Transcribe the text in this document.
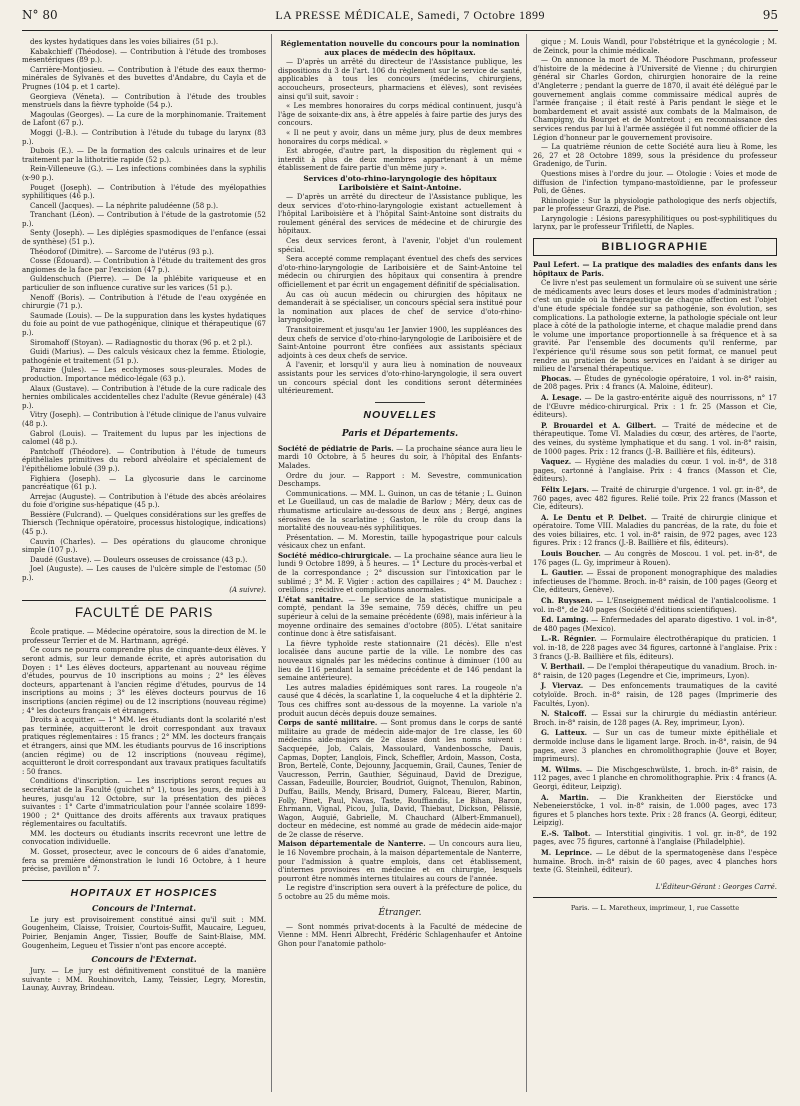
N° 80	LA PRESSE MÉDICALE, Samedi, 7 Octobre 1899	95

des kystes hydatiques dans les voies biliaires (51 p.).

Kabakchieff (Théodose). — Contribution à l'étude des tromboses mésentériques (89 p.).

Carrière-Montjosieu. — Contribution à l'étude des eaux thermo-minérales de Sylvanès et des buvettes d'Andabre, du Cayla et de Prugnes (104 p. et 1 carte).

Georgieva (Véneta). — Contribution à l'étude des troubles menstruels dans la fièvre typhoïde (54 p.).

Magoulas (Georges). — La cure de la morphinomanie. Traitement de Lafont (67 p.).

Moggi (J.-B.). — Contribution à l'étude du tubage du larynx (83 p.).

Dubois (E.). — De la formation des calculs urinaires et de leur traitement par la lithotritie rapide (52 p.).

Rein-Villeneuve (G.). — Les infections combinées dans la syphilis (x-90 p.).

Pouget (Joseph). — Contribution à l'étude des myélopathies syphilitiques (46 p.).

Cancell (Jacques). — La néphrite paludéenne (58 p.).

Tranchant (Léon). — Contribution à l'étude de la gastrotomie (52 p.).

Senty (Joseph). — Les diplégies spasmodiques de l'enfance (essai de synthèse) (51 p.).

Théodorof (Dimitre). — Sarcome de l'utérus (93 p.).

Cosse (Édouard). — Contribution à l'étude du traitement des gros angiomes de la face par l'excision (47 p.).

Guldenschuch (Pierre). — De la phlébite variqueuse et en particulier de son influence curative sur les varices (51 p.).

Nenoff (Boris). — Contribution à l'étude de l'eau oxygénée en chirurgie (71 p.).

Saumade (Louis). — De la suppuration dans les kystes hydatiques du foie au point de vue pathogénique, clinique et thérapeutique (67 p.).

Siromahoff (Stoyan). — Radiagnostic du thorax (96 p. et 2 pl.).

Guidi (Marius). — Des calculs vésicaux chez la femme. Étiologie, pathogénie et traitement (51 p.).

Paraire (Jules). — Les ecchymoses sous-pleurales. Modes de production. Importance médico-légale (63 p.).

Alaux (Gustave). — Contribution à l'étude de la cure radicale des hernies ombilicales accidentelles chez l'adulte (Revue générale) (43 p.).

Vitry (Joseph). — Contribution à l'étude clinique de l'anus vulvaire (48 p.).

Gabrol (Louis). — Traitement du lupus par les injections de calomel (48 p.).

Pantchoff (Théodore). — Contribution à l'étude de tumeurs épithéliales primitives du rebord alvéolaire et spécialement de l'épithéliome lobulé (39 p.).

Fighiera (Joseph). — La glycosurie dans le carcinome pancréatique (61 p.).

Arrejac (Auguste). — Contribution à l'étude des abcès aréolaires du foie d'origine sus-hépatique (45 p.).

Bessière (Fulcrand). — Quelques considérations sur les greffes de Thiersch (Technique opératoire, processus histologique, indications) (45 p.).

Cauvin (Charles). — Des opérations du glaucome chronique simple (107 p.).

Daudé (Gustave). — Douleurs osseuses de croissance (43 p.).

Joel (Auguste). — Les causes de l'ulcère simple de l'estomac (50 p.).

(A suivre).

FACULTÉ DE PARIS

École pratique. — Médecine opératoire, sous la direction de M. le professeur Terrier et de M. Hartmann, agrégé.

Ce cours ne pourra comprendre plus de cinquante-deux élèves. Y seront admis, sur leur demande écrite, et après autorisation du Doyen : 1° Les élèves docteurs, appartenant au nouveau régime d'études, pourvus de 10 inscriptions au moins ; 2° les élèves docteurs, appartenant à l'ancien régime d'études, pourvus de 14 inscriptions au moins ; 3° les élèves docteurs pourvus de 16 inscriptions (ancien régime) ou de 12 inscriptions (nouveau régime) ; 4° les docteurs français et étrangers.

Droits à acquitter. — 1° MM. les étudiants dont la scolarité n'est pas terminée, acquitteront le droit correspondant aux travaux pratiques réglementaires : 15 francs ; 2° MM. les docteurs français et étrangers, ainsi que MM. les étudiants pourvus de 16 inscriptions (ancien régime) ou de 12 inscriptions (nouveau régime), acquitteront le droit correspondant aux travaux pratiques facultatifs : 50 francs.

Conditions d'inscription. — Les inscriptions seront reçues au secrétariat de la Faculté (guichet n° 1), tous les jours, de midi à 3 heures, jusqu'au 12 Octobre, sur la présentation des pièces suivantes : 1° Carte d'immatriculation pour l'année scolaire 1899-1900 ; 2° Quittance des droits afférents aux travaux pratiques réglementaires ou facultatifs.

MM. les docteurs ou étudiants inscrits recevront une lettre de convocation individuelle.

M. Gosset, prosecteur, avec le concours de 6 aides d'anatomie, fera sa première démonstration le lundi 16 Octobre, à 1 heure précise, pavillon n° 7.

HOPITAUX ET HOSPICES
Concours de l'Internat.

Le jury est provisoirement constitué ainsi qu'il suit : MM. Gougenheim, Claisse, Troisier, Courtois-Suffit, Maucaire, Legueu, Poirier, Benjamin Anger, Tissier, Bouffe de Saint-Blaise, MM. Gougenheim, Legueu et Tissier n'ont pas encore accepté.

Concours de l'Externat.

Jury. — Le jury est définitivement constitué de la manière suivante : MM. Rouhinovitch, Lamy, Teissier, Legry, Morestin, Launay, Auvray, Brindeau.

Réglementation nouvelle du concours pour la nomination aux places de médecin des hôpitaux.

— D'après un arrêté du directeur de l'Assistance publique, les dispositions du 3 de l'art. 106 du règlement sur le service de santé, applicables à tous les concours (médecins, chirurgiens, accoucheurs, prosecteurs, pharmaciens et élèves), sont revisées ainsi qu'il suit, savoir :

« Les membres honoraires du corps médical continuent, jusqu'à l'âge de soixante-dix ans, à être appelés à faire partie des jurys des concours.

« Il ne peut y avoir, dans un même jury, plus de deux membres honoraires du corps médical. »

Est abrogée, d'autre part, la disposition du règlement qui « interdit à plus de deux membres appartenant à un même établissement de faire partie d'un même jury ».

Services d'oto-rhino-laryngologie des hôpitaux Lariboisière et Saint-Antoine.

— D'après un arrêté du directeur de l'Assistance publique, les deux services d'oto-rhino-laryngologie existant actuellement à l'hôpital Lariboisière et à l'hôpital Saint-Antoine sont distraits du roulement général des services de médecine et de chirurgie des hôpitaux.

Ces deux services feront, à l'avenir, l'objet d'un roulement spécial.

Sera accepté comme remplaçant éventuel des chefs des services d'oto-rhino-laryngologie de Lariboisière et de Saint-Antoine tel médecin ou chirurgien des hôpitaux qui consentira à prendre officiellement et par écrit un engagement définitif de spécialisation.

Au cas où aucun médecin ou chirurgien des hôpitaux ne demanderait à se spécialiser, un concours spécial sera institué pour la nomination aux places de chef de service d'oto-rhino-laryngologie.

Transitoirement et jusqu'au 1er Janvier 1900, les suppléances des deux chefs de service d'oto-rhino-laryngologie de Lariboisière et de Saint-Antoine pourront être confiées aux assistants spéciaux adjoints à ces deux chefs de service.

A l'avenir, et lorsqu'il y aura lieu à nomination de nouveaux assistants pour les services d'oto-rhino-laryngologie, il sera ouvert un concours spécial dont les conditions seront déterminées ultérieurement.

NOUVELLES
Paris et Départements.

Société de pédiatrie de Paris. — La prochaine séance aura lieu le mardi 10 Octobre, à 5 heures du soir, à l'hôpital des Enfants-Malades.

Ordre du jour. — Rapport : M. Sevestre, communication Deschamps.

Communications. — MM. L. Guinon, un cas de tétanie ; L. Guinon et Le Gueillaud, un cas de maladie de Barlow ; Méry, deux cas de rhumatisme articulaire au-dessous de deux ans ; Bergé, angines sérosives de la scarlatine ; Gaston, le rôle du croup dans la mortalité des nouveau-nés syphilitiques.

Présentation. — M. Morestin, taille hypogastrique pour calculs vésicaux chez un enfant.

Société médico-chirurgicale. — La prochaine séance aura lieu le lundi 9 Octobre 1899, à 5 heures. — 1° Lecture du procès-verbal et de la correspondance ; 2° discussion sur l'intoxication par le sublimé ; 3° M. F. Vigier : action des capillaires ; 4° M. Dauchez : oreillons ; récidive et complications anormales.

L'état sanitaire. — Le service de la statistique municipale a compté, pendant la 39e semaine, 759 décès, chiffre un peu supérieur à celui de la semaine précédente (698), mais inférieur à la moyenne ordinaire des semaines d'octobre (805). L'état sanitaire continue donc à être satisfaisant.

La fièvre typhoïde reste stationnaire (21 décès). Elle n'est localisée dans aucune partie de la ville. Le nombre des cas nouveaux signalés par les médecins continue à diminuer (100 au lieu de 116 pendant la semaine précédente et de 146 pendant la semaine antérieure).

Les autres maladies épidémiques sont rares. La rougeole n'a causé que 4 décès, la scarlatine 1, la coqueluche 4 et la diphtérie 2. Tous ces chiffres sont au-dessous de la moyenne. La variole n'a produit aucun décès depuis douze semaines.

Corps de santé militaire. — Sont promus dans le corps de santé militaire au grade de médecin aide-major de 1re classe, les 60 médecins aide-majors de 2e classe dont les noms suivent : Sacquepée, Job, Calais, Massoulard, Vandenbossche, Dauis, Capmas, Dopter, Langlois, Finck, Scheffler, Ardoin, Masson, Costa, Bron, Bertelé, Conte, Dejounny, Jacquemin, Grail, Caunes, Tenier de Vaucresson, Perrin, Gauthier, Séguinaud, David de Drezigue, Cassan, Fadeuille, Bourcier, Boudriot, Guignot, Thenulon, Rabinon, Duffau, Baills, Mendy, Brisard, Dumery, Falceau, Bierer, Martin, Folly, Pinet, Paul, Navas, Taste, Rouffiandis, Le Bihan, Baron, Ehrmann, Vignal, Picou, Julia, David, Thiebaut, Dickson, Pélissié, Wagon, Auguié, Gabrielle, M. Chauchard (Albert-Emmanuel), docteur en médecine, est nommé au grade de médecin aide-major de 2e classe de réserve.

Maison départementale de Nanterre. — Un concours aura lieu, le 16 Novembre prochain, à la maison départementale de Nanterre, pour l'admission à quatre emplois, dans cet établissement, d'internes provisoires en médecine et en chirurgie, lesquels pourront être nommés internes titulaires au cours de l'année.

Le registre d'inscription sera ouvert à la préfecture de police, du 5 octobre au 25 du même mois.

Étranger.

— Sont nommés privat-docents à la Faculté de médecine de Vienne : MM. Henri Albrecht, Frédéric Schlagenhaufer et Antoine Ghon pour l'anatomie patholo-

gique ; M. Louis Wandl, pour l'obstétrique et la gynécologie ; M. de Zeinck, pour la chimie médicale.

— On annonce la mort de M. Théodore Puschmann, professeur d'histoire de la médecine à l'Université de Vienne ; du chirurgien général sir Charles Gordon, chirurgien honoraire de la reine d'Angleterre ; pendant la guerre de 1870, il avait été délégué par le gouvernement anglais comme commissaire médical auprès de l'armée française ; il était resté à Paris pendant le siège et le bombardement et avait assisté aux combats de la Malmaison, de Champigny, du Bourget et de Montretout ; en reconnaissance des services rendus par lui à l'armée assiégée il fut nommé officier de la Légion d'honneur par le gouvernement provisoire.

— La quatrième réunion de cette Société aura lieu à Rome, les 26, 27 et 28 Octobre 1899, sous la présidence du professeur Gradenigo, de Turin.

Questions mises à l'ordre du jour. — Otologie : Voies et mode de diffusion de l'infection tympano-mastoïdienne, par le professeur Poli, de Gênes.

Rhinologie : Sur la physiologie pathologique des nerfs objectifs, par le professeur Grazzi, de Pise.

Laryngologie : Lésions paresyphilitiques ou post-syphilitiques du larynx, par le professeur Trifiletti, de Naples.

BIBLIOGRAPHIE

Paul Lefert. — La pratique des maladies des enfants dans les hôpitaux de Paris.

Ce livre n'est pas seulement un formulaire où se suivent une série de médicaments avec leurs doses et leurs modes d'administration ; c'est un guide où la thérapeutique de chaque affection est l'objet d'une étude spéciale fondée sur sa pathogénie, son évolution, ses complications. La pathologie externe, la pathologie spéciale ont leur place à côté de la pathologie interne, et chaque maladie prend dans le volume une importance proportionnelle à sa fréquence et à sa gravité. Par l'ensemble des documents qu'il renferme, par l'expérience qu'il résume sous son petit format, ce manuel peut rendre au praticien de bons services en l'aidant à se diriger au milieu de l'arsenal thérapeutique.

Phocas. — Études de gynécologie opératoire, 1 vol. in-8° raisin, de 208 pages. Prix : 4 francs (A. Maloine, éditeur).

A. Lesage. — De la gastro-entérite aiguë des nourrissons, n° 17 de l'Œuvre médico-chirurgical. Prix : 1 fr. 25 (Masson et Cie, éditeurs).

P. Brouardel et A. Gilbert. — Traité de médecine et de thérapeutique. Tome VI. Maladies du cœur, des artères, de l'aorte, des veines, du système lymphatique et du sang. 1 vol. in-8° raisin, de 1000 pages. Prix : 12 francs (J.-B. Baillière et fils, éditeurs).

Vaquez. — Hygiène des maladies du cœur. 1 vol. in-8°, de 318 pages, cartonné à l'anglaise. Prix : 4 francs (Masson et Cie, éditeurs).

Félix Lejars. — Traité de chirurgie d'urgence. 1 vol. gr. in-8°, de 760 pages, avec 482 figures. Relié toile. Prix 22 francs (Masson et Cie, éditeurs).

A. Le Dentu et P. Delbet. — Traité de chirurgie clinique et opératoire. Tome VIII. Maladies du pancréas, de la rate, du foie et des voies biliaires, etc. 1 vol. in-8° raisin, de 972 pages, avec 123 figures. Prix : 12 francs (J.-B. Baillière et fils, éditeurs).

Louis Boucher. — Au congrès de Moscou. 1 vol. pet. in-8°, de 176 pages (L. Gy, imprimeur à Rouen).

L. Gautier. — Essai de proponent monographique des maladies infectieuses de l'homme. Broch. in-8° raisin, de 100 pages (Georg et Cie, éditeurs, Genève).

Ch. Ruyssen. — L'Enseignement médical de l'antialcoolisme. 1 vol. in-8°, de 240 pages (Société d'éditions scientifiques).

Ed. Laming. — Enfermedades del aparato digestivo. 1 vol. in-8°, de 480 pages (Mexico).

L.-R. Régnier. — Formulaire électrothérapique du praticien. 1 vol. in-18, de 228 pages avec 34 figures, cartonné à l'anglaise. Prix : 3 francs (J.-B. Baillière et fils, éditeurs).

V. Berthail. — De l'emploi thérapeutique du vanadium. Broch. in-8° raisin, de 120 pages (Legendre et Cie, imprimeurs, Lyon).

J. Viervaz. — Des enfoncements traumatiques de la cavité cotyloïde. Broch. in-8° raisin, de 128 pages (Imprimerie des Facultés, Lyon).

N. Stalcoff. — Essai sur la chirurgie du médiastin antérieur. Broch. in-8° raisin, de 128 pages (A. Rey, imprimeur, Lyon).

G. Latteux. — Sur un cas de tumeur mixte épithéliale et dermoïde incluse dans le ligament large. Broch. in-8°, raisin, de 94 pages, avec 3 planches en chromolithographie (Jouve et Boyer, imprimeurs).

M. Wilms. — Die Mischgeschwülste, 1. broch. in-8° raisin, de 112 pages, avec 1 planche en chromolithographie. Prix : 4 francs (A. Georgi, éditeur, Leipzig).

A. Martin. — Die Krankheiten der Eierstöcke und Nebeneierstöcke, 1 vol. in-8° raisin, de 1.000 pages, avec 173 figures et 5 planches hors texte. Prix : 28 francs (A. Georgi, éditeur, Leipzig).

E.-S. Talbot. — Interstitial gingivitis. 1 vol. gr. in-8°, de 192 pages, avec 75 figures, cartonné à l'anglaise (Philadelphie).

M. Leprince. — Le début de la spermatogenèse dans l'espèce humaine. Broch. in-8° raisin de 60 pages, avec 4 planches hors texte (G. Steinheil, éditeur).

L'Éditeur-Gérant : Georges Carré.
Paris. — L. Maretheux, imprimeur, 1, rue Cassette
